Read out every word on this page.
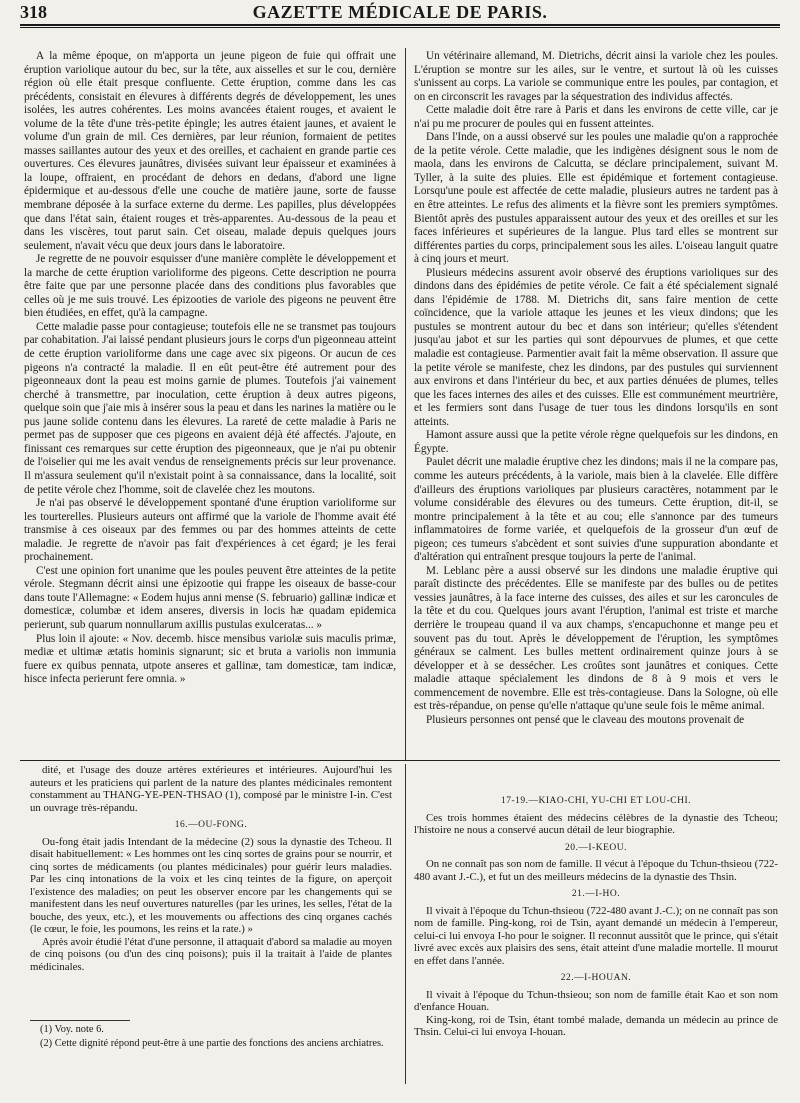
318	GAZETTE MÉDICALE DE PARIS.

A la même époque, on m'apporta un jeune pigeon de fuie qui offrait une éruption variolique autour du bec, sur la tête, aux aisselles et sur le cou, dernière région où elle était presque confluente. Cette éruption, comme dans les cas précédents, consistait en élevures à différents degrés de développement, les unes isolées, les autres cohérentes. Les moins avancées étaient rouges, et avaient le volume de la tête d'une très-petite épingle; les autres étaient jaunes, et avaient le volume d'un grain de mil. Ces dernières, par leur réunion, formaient de petites masses saillantes autour des yeux et des oreilles, et cachaient en grande partie ces ouvertures. Ces élevures jaunâtres, divisées suivant leur épaisseur et examinées à la loupe, offraient, en procédant de dehors en dedans, d'abord une ligne épidermique et au-dessous d'elle une couche de matière jaune, sorte de fausse membrane déposée à la surface externe du derme. Les papilles, plus développées que dans l'état sain, étaient rouges et très-apparentes. Au-dessous de la peau et dans les viscères, tout parut sain. Cet oiseau, malade depuis quelques jours seulement, n'avait vécu que deux jours dans le laboratoire.

Je regrette de ne pouvoir esquisser d'une manière complète le développement et la marche de cette éruption varioliforme des pigeons. Cette description ne pourra être faite que par une personne placée dans des conditions plus favorables que celles où je me suis trouvé. Les épizooties de variole des pigeons ne peuvent être bien étudiées, en effet, qu'à la campagne.

Cette maladie passe pour contagieuse; toutefois elle ne se transmet pas toujours par cohabitation. J'ai laissé pendant plusieurs jours le corps d'un pigeonneau atteint de cette éruption varioliforme dans une cage avec six pigeons. Or aucun de ces pigeons n'a contracté la maladie. Il en eût peut-être été autrement pour des pigeonneaux dont la peau est moins garnie de plumes. Toutefois j'ai vainement cherché à transmettre, par inoculation, cette éruption à deux autres pigeons, quelque soin que j'aie mis à insérer sous la peau et dans les narines la matière ou le pus jaune solide contenu dans les élevures. La rareté de cette maladie à Paris ne permet pas de supposer que ces pigeons en avaient déjà été affectés. J'ajoute, en finissant ces remarques sur cette éruption des pigeonneaux, que je n'ai pu obtenir de l'oiselier qui me les avait vendus de renseignements précis sur leur provenance. Il m'assura seulement qu'il n'existait point à sa connaissance, dans la localité, soit de petite vérole chez l'homme, soit de clavelée chez les moutons.

Je n'ai pas observé le développement spontané d'une éruption varioliforme sur les tourterelles. Plusieurs auteurs ont affirmé que la variole de l'homme avait été transmise à ces oiseaux par des femmes ou par des hommes atteints de cette maladie. Je regrette de n'avoir pas fait d'expériences à cet égard; je les ferai prochainement.

C'est une opinion fort unanime que les poules peuvent être atteintes de la petite vérole. Stegmann décrit ainsi une épizootie qui frappe les oiseaux de basse-cour dans toute l'Allemagne: « Eodem hujus anni mense (S. februario) gallinæ indicæ et domesticæ, columbæ et idem anseres, diversis in locis hæ quadam epidemica perierunt, sub quarum nonnullarum axillis pustulas exulceratas... »

Plus loin il ajoute: « Nov. decemb. hisce mensibus variolæ suis maculis primæ, mediæ et ultimæ ætatis hominis signarunt; sic et bruta a variolis non immunia fuere ex quibus pennata, utpote anseres et gallinæ, tam domesticæ, tam indicæ, hisce infecta perierunt fere omnia. »

Un vétérinaire allemand, M. Dietrichs, décrit ainsi la variole chez les poules. L'éruption se montre sur les ailes, sur le ventre, et surtout là où les cuisses s'unissent au corps. La variole se communique entre les poules, par contagion, et on en circonscrit les ravages par la séquestration des individus affectés.

Cette maladie doit être rare à Paris et dans les environs de cette ville, car je n'ai pu me procurer de poules qui en fussent atteintes.

Dans l'Inde, on a aussi observé sur les poules une maladie qu'on a rapprochée de la petite vérole. Cette maladie, que les indigènes désignent sous le nom de maola, dans les environs de Calcutta, se déclare principalement, suivant M. Tyller, à la suite des pluies. Elle est épidémique et fortement contagieuse. Lorsqu'une poule est affectée de cette maladie, plusieurs autres ne tardent pas à en être atteintes. Le refus des aliments et la fièvre sont les premiers symptômes. Bientôt après des pustules apparaissent autour des yeux et des oreilles et sur les faces inférieures et supérieures de la langue. Plus tard elles se montrent sur différentes parties du corps, principalement sous les ailes. L'oiseau languit quatre à cinq jours et meurt.

Plusieurs médecins assurent avoir observé des éruptions varioliques sur des dindons dans des épidémies de petite vérole. Ce fait a été spécialement signalé dans l'épidémie de 1788. M. Dietrichs dit, sans faire mention de cette coïncidence, que la variole attaque les jeunes et les vieux dindons; que les pustules se montrent autour du bec et dans son intérieur; qu'elles s'étendent jusqu'au jabot et sur les parties qui sont dépourvues de plumes, et que cette maladie est contagieuse. Parmentier avait fait la même observation. Il assure que la petite vérole se manifeste, chez les dindons, par des pustules qui surviennent aux environs et dans l'intérieur du bec, et aux parties dénuées de plumes, telles que les faces internes des ailes et des cuisses. Elle est communément meurtrière, et les fermiers sont dans l'usage de tuer tous les dindons lorsqu'ils en sont atteints.

Hamont assure aussi que la petite vérole règne quelquefois sur les dindons, en Égypte.

Paulet décrit une maladie éruptive chez les dindons; mais il ne la compare pas, comme les auteurs précédents, à la variole, mais bien à la clavelée. Elle diffère d'ailleurs des éruptions varioliques par plusieurs caractères, notamment par le volume considérable des élevures ou des tumeurs. Cette éruption, dit-il, se montre principalement à la tête et au cou; elle s'annonce par des tumeurs inflammatoires de forme variée, et quelquefois de la grosseur d'un œuf de pigeon; ces tumeurs s'abcèdent et sont suivies d'une suppuration abondante et d'altération qui entraînent presque toujours la perte de l'animal.

M. Leblanc père a aussi observé sur les dindons une maladie éruptive qui paraît distincte des précédentes. Elle se manifeste par des bulles ou de petites vessies jaunâtres, à la face interne des cuisses, des ailes et sur les caroncules de la tête et du cou. Quelques jours avant l'éruption, l'animal est triste et marche derrière le troupeau quand il va aux champs, s'encapuchonne et mange peu et souvent pas du tout. Après le développement de l'éruption, les symptômes généraux se calment. Les bulles mettent ordinairement quinze jours à se développer et à se dessécher. Les croûtes sont jaunâtres et coniques. Cette maladie attaque spécialement les dindons de 8 à 9 mois et vers le commencement de novembre. Elle est très-contagieuse. Dans la Sologne, où elle est très-répandue, on pense qu'elle n'attaque qu'une seule fois le même animal.

Plusieurs personnes ont pensé que le claveau des moutons provenait de

dité, et l'usage des douze artères extérieures et intérieures. Aujourd'hui les auteurs et les praticiens qui parlent de la nature des plantes médicinales remontent constamment au THANG-YE-PEN-THSAO (1), composé par le ministre I-in. C'est un ouvrage très-répandu.

16.—OU-FONG.

Ou-fong était jadis Intendant de la médecine (2) sous la dynastie des Tcheou. Il disait habituellement: « Les hommes ont les cinq sortes de grains pour se nourrir, et cinq sortes de médicaments (ou plantes médicinales) pour guérir leurs maladies. Par les cinq intonations de la voix et les cinq teintes de la figure, on aperçoit l'existence des maladies; on peut les observer encore par les changements qui se manifestent dans les neuf ouvertures naturelles (par les urines, les selles, l'état de la bouche, des yeux, etc.), et les mouvements ou affections des cinq organes cachés (le cœur, le foie, les poumons, les reins et la rate.) »

Après avoir étudié l'état d'une personne, il attaquait d'abord sa maladie au moyen de cinq poisons (ou d'un des cinq poisons); puis il la traitait à l'aide de plantes médicinales.

17-19.—KIAO-CHI, YU-CHI ET LOU-CHI.

Ces trois hommes étaient des médecins célèbres de la dynastie des Tcheou; l'histoire ne nous a conservé aucun détail de leur biographie.

20.—I-KEOU.

On ne connaît pas son nom de famille. Il vécut à l'époque du Tchun-thsieou (722-480 avant J.-C.), et fut un des meilleurs médecins de la dynastie des Thsin.

21.—I-HO.

Il vivait à l'époque du Tchun-thsieou (722-480 avant J.-C.); on ne connaît pas son nom de famille. Ping-kong, roi de Tsin, ayant demandé un médecin à l'empereur, celui-ci lui envoya I-ho pour le soigner. Il reconnut aussitôt que le prince, qui s'était livré avec excès aux plaisirs des sens, était atteint d'une maladie mortelle. Il mourut en effet dans l'année.

22.—I-HOUAN.

Il vivait à l'époque du Tchun-thsieou; son nom de famille était Kao et son nom d'enfance Houan.

King-kong, roi de Tsin, étant tombé malade, demanda un médecin au prince de Thsin. Celui-ci lui envoya I-houan.

(1) Voy. note 6.
(2) Cette dignité répond peut-être à une partie des fonctions des anciens archiatres.
